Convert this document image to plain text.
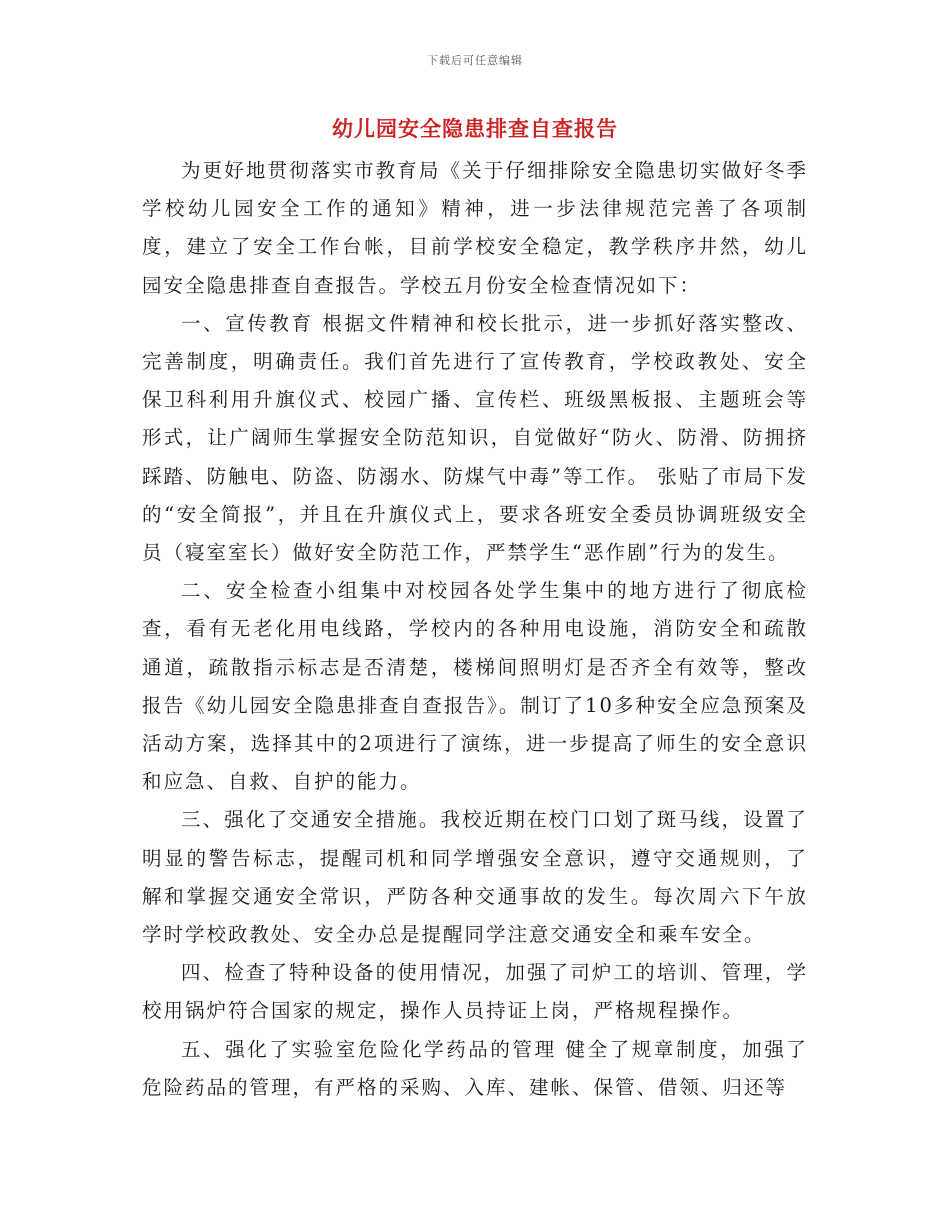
下载后可任意编辑
幼儿园安全隐患排查自查报告

为更好地贯彻落实市教育局《关于仔细排除安全隐患切实做好冬季学校幼儿园安全工作的通知》精神，进一步法律规范完善了各项制度，建立了安全工作台帐，目前学校安全稳定，教学秩序井然，幼儿园安全隐患排查自查报告。学校五月份安全检查情况如下：

一、宣传教育 根据文件精神和校长批示，进一步抓好落实整改、完善制度，明确责任。我们首先进行了宣传教育，学校政教处、安全保卫科利用升旗仪式、校园广播、宣传栏、班级黑板报、主题班会等形式，让广阔师生掌握安全防范知识，自觉做好“防火、防滑、防拥挤踩踏、防触电、防盗、防溺水、防煤气中毒”等工作。 张贴了市局下发的“安全简报”，并且在升旗仪式上，要求各班安全委员协调班级安全员（寝室室长）做好安全防范工作，严禁学生“恶作剧”行为的发生。

二、安全检查小组集中对校园各处学生集中的地方进行了彻底检查，看有无老化用电线路，学校内的各种用电设施，消防安全和疏散通道，疏散指示标志是否清楚，楼梯间照明灯是否齐全有效等，整改报告《幼儿园安全隐患排查自查报告》。制订了10多种安全应急预案及活动方案，选择其中的2项进行了演练，进一步提高了师生的安全意识和应急、自救、自护的能力。

三、强化了交通安全措施。我校近期在校门口划了斑马线，设置了明显的警告标志，提醒司机和同学增强安全意识，遵守交通规则，了解和掌握交通安全常识，严防各种交通事故的发生。每次周六下午放学时学校政教处、安全办总是提醒同学注意交通安全和乘车安全。

四、检查了特种设备的使用情况，加强了司炉工的培训、管理，学校用锅炉符合国家的规定，操作人员持证上岗，严格规程操作。

五、强化了实验室危险化学药品的管理 健全了规章制度，加强了危险药品的管理，有严格的采购、入库、建帐、保管、借领、归还等
